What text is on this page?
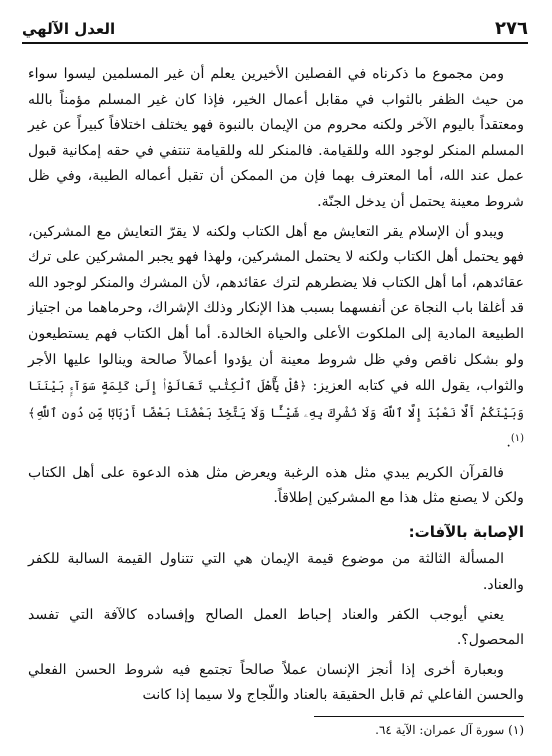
٢٧٦
العدل الآلهي

ومن مجموع ما ذكرناه في الفصلين الأخيرين يعلم أن غير المسلمين ليسوا سواء من حيث الظفر بالثواب في مقابل أعمال الخير، فإذا كان غير المسلم مؤمناً بالله ومعتقداً باليوم الآخر ولكنه محروم من الإيمان بالنبوة فهو يختلف اختلافاً كبيراً عن غير المسلم المنكر لوجود الله وللقيامة. فالمنكر لله وللقيامة تنتفي في حقه إمكانية قبول عمل عند الله، أما المعترف بهما فإن من الممكن أن تقبل أعماله الطيبة، وفي ظل شروط معينة يحتمل أن يدخل الجنّة.

ويبدو أن الإسلام يقر التعايش مع أهل الكتاب ولكنه لا يقرّ التعايش مع المشركين، فهو يحتمل أهل الكتاب ولكنه لا يحتمل المشركين، ولهذا فهو يجبر المشركين على ترك عقائدهم، أما أهل الكتاب فلا يضطرهم لترك عقائدهم، لأن المشرك والمنكر لوجود الله قد أغلقا باب النجاة عن أنفسهما بسبب هذا الإنكار وذلك الإشراك، وحرماهما من اجتياز الطبيعة المادية إلى الملكوت الأعلى والحياة الخالدة. أما أهل الكتاب فهم يستطيعون ولو بشكل ناقص وفي ظل شروط معينة أن يؤدوا أعمالاً صالحة وينالوا عليها الأجر والثواب، يقول الله في كتابه العزيز: ﴿قُلْ يَٰٓأَهْلَ ٱلْكِتَٰبِ تَعَالَوْا۟ إِلَىٰ كَلِمَةٍ سَوَآءٍۭ بَيْنَنَا وَبَيْنَكُمْ أَلَّا نَعْبُدَ إِلَّا ٱللَّهَ وَلَا نُشْرِكَ بِهِۦ شَيْـًٔا وَلَا يَتَّخِذَ بَعْضُنَا بَعْضًا أَرْبَابًا مِّن دُونِ ٱللَّهِ﴾$^{(١)}$.

فالقرآن الكريم يبدي مثل هذه الرغبة ويعرض مثل هذه الدعوة على أهل الكتاب ولكن لا يصنع مثل هذا مع المشركين إطلاقاً.

الإصابة بالآفات:

المسألة الثالثة من موضوع قيمة الإيمان هي التي تتناول القيمة السالبة للكفر والعناد.

يعني أيوجب الكفر والعناد إحباط العمل الصالح وإفساده كالآفة التي تفسد المحصول؟.

وبعبارة أخرى إذا أنجز الإنسان عملاً صالحاً تجتمع فيه شروط الحسن الفعلي والحسن الفاعلي ثم قابل الحقيقة بالعناد واللّجاج ولا سيما إذا كانت

(١) سورة آل عمران: الآية ٦٤.
